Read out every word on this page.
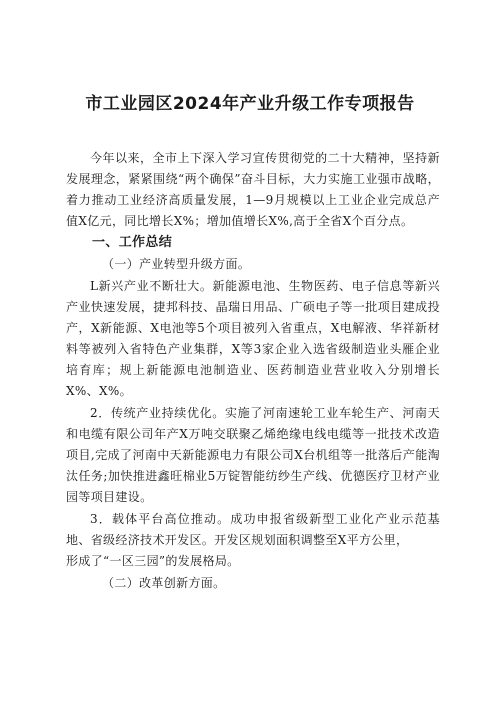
市工业园区2024年产业升级工作专项报告

今年以来，全市上下深入学习宣传贯彻党的二十大精神，坚持新发展理念，紧紧围绕“两个确保”奋斗目标，大力实施工业强市战略，着力推动工业经济高质量发展，1—9月规模以上工业企业完成总产值X亿元，同比增长X%；增加值增长X%,高于全省X个百分点。

一、工作总结

（一）产业转型升级方面。

L新兴产业不断壮大。新能源电池、生物医药、电子信息等新兴产业快速发展，捷邦科技、晶瑞日用品、广硕电子等一批项目建成投产，X新能源、X电池等5个项目被列入省重点，X电解液、华祥新材料等被列入省特色产业集群，X等3家企业入选省级制造业头雁企业培育库；规上新能源电池制造业、医药制造业营业收入分别增长X%、X%。

2．传统产业持续优化。实施了河南速轮工业车轮生产、河南天和电缆有限公司年产X万吨交联聚乙烯绝缘电线电缆等一批技术改造项目,完成了河南中天新能源电力有限公司X台机组等一批落后产能淘汰任务;加快推进鑫旺棉业5万锭智能纺纱生产线、优德医疗卫材产业园等项目建设。

3．载体平台高位推动。成功申报省级新型工业化产业示范基地、省级经济技术开发区。开发区规划面积调整至X平方公里，

形成了“一区三园”的发展格局。

（二）改革创新方面。
